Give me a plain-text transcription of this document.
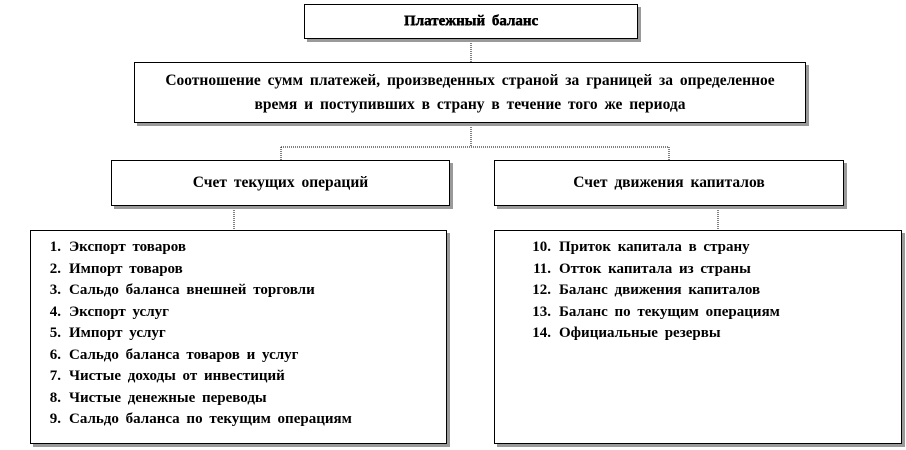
Платежный баланс
Соотношение сумм платежей, произведенных страной за границей за определенное время и поступивших в страну в течение того же периода
Счет текущих операций	Счет движения капиталов
1. Экспорт товаров
2. Импорт товаров
3. Сальдо баланса внешней торговли
4. Экспорт услуг
5. Импорт услуг
6. Сальдо баланса товаров и услуг
7. Чистые доходы от инвестиций
8. Чистые денежные переводы
9. Сальдо баланса по текущим операциям
10. Приток капитала в страну
11. Отток капитала из страны
12. Баланс движения капиталов
13. Баланс по текущим операциям
14. Официальные резервы
